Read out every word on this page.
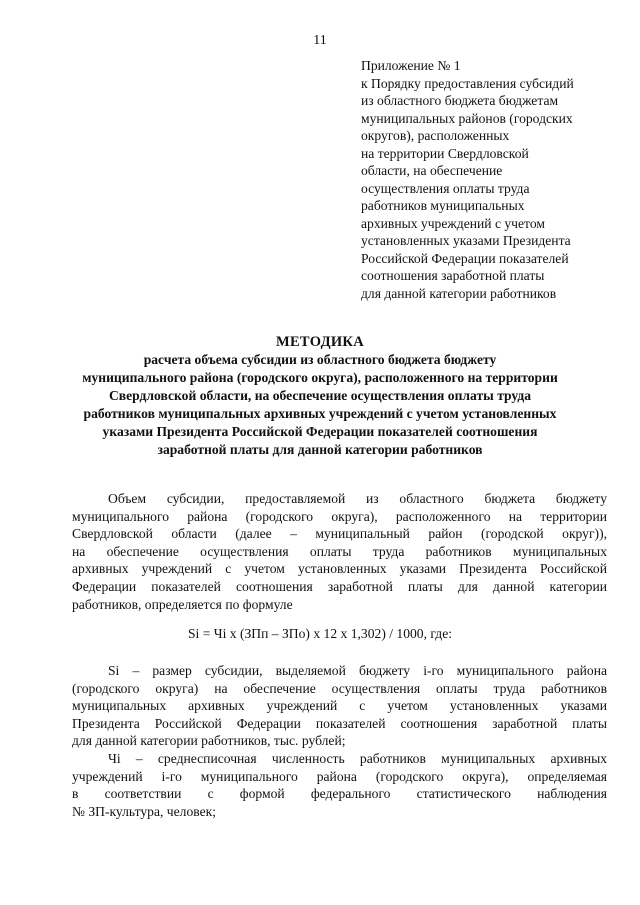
11
Приложение № 1
к Порядку предоставления субсидий
из областного бюджета бюджетам
муниципальных районов (городских
округов), расположенных
на территории Свердловской
области, на обеспечение
осуществления оплаты труда
работников муниципальных
архивных учреждений с учетом
установленных указами Президента
Российской Федерации показателей
соотношения заработной платы
для данной категории работников
МЕТОДИКА
расчета объема субсидии из областного бюджета бюджету
муниципального района (городского округа), расположенного на территории
Свердловской области, на обеспечение осуществления оплаты труда
работников муниципальных архивных учреждений с учетом установленных
указами Президента Российской Федерации показателей соотношения
заработной платы для данной категории работников
Объем субсидии, предоставляемой из областного бюджета бюджету
муниципального района (городского округа), расположенного на территории
Свердловской области (далее – муниципальный район (городской округ)),
на обеспечение осуществления оплаты труда работников муниципальных
архивных учреждений с учетом установленных указами Президента Российской
Федерации показателей соотношения заработной платы для данной категории
работников, определяется по формуле
Si = Чi x (ЗПп – ЗПо) x 12 x 1,302) / 1000, где:
Si – размер субсидии, выделяемой бюджету i-го муниципального района
(городского округа) на обеспечение осуществления оплаты труда работников
муниципальных архивных учреждений с учетом установленных указами
Президента Российской Федерации показателей соотношения заработной платы
для данной категории работников, тыс. рублей;
Чi – среднесписочная численность работников муниципальных архивных
учреждений i-го муниципального района (городского округа), определяемая
в соответствии с формой федерального статистического наблюдения
№ ЗП-культура, человек;
